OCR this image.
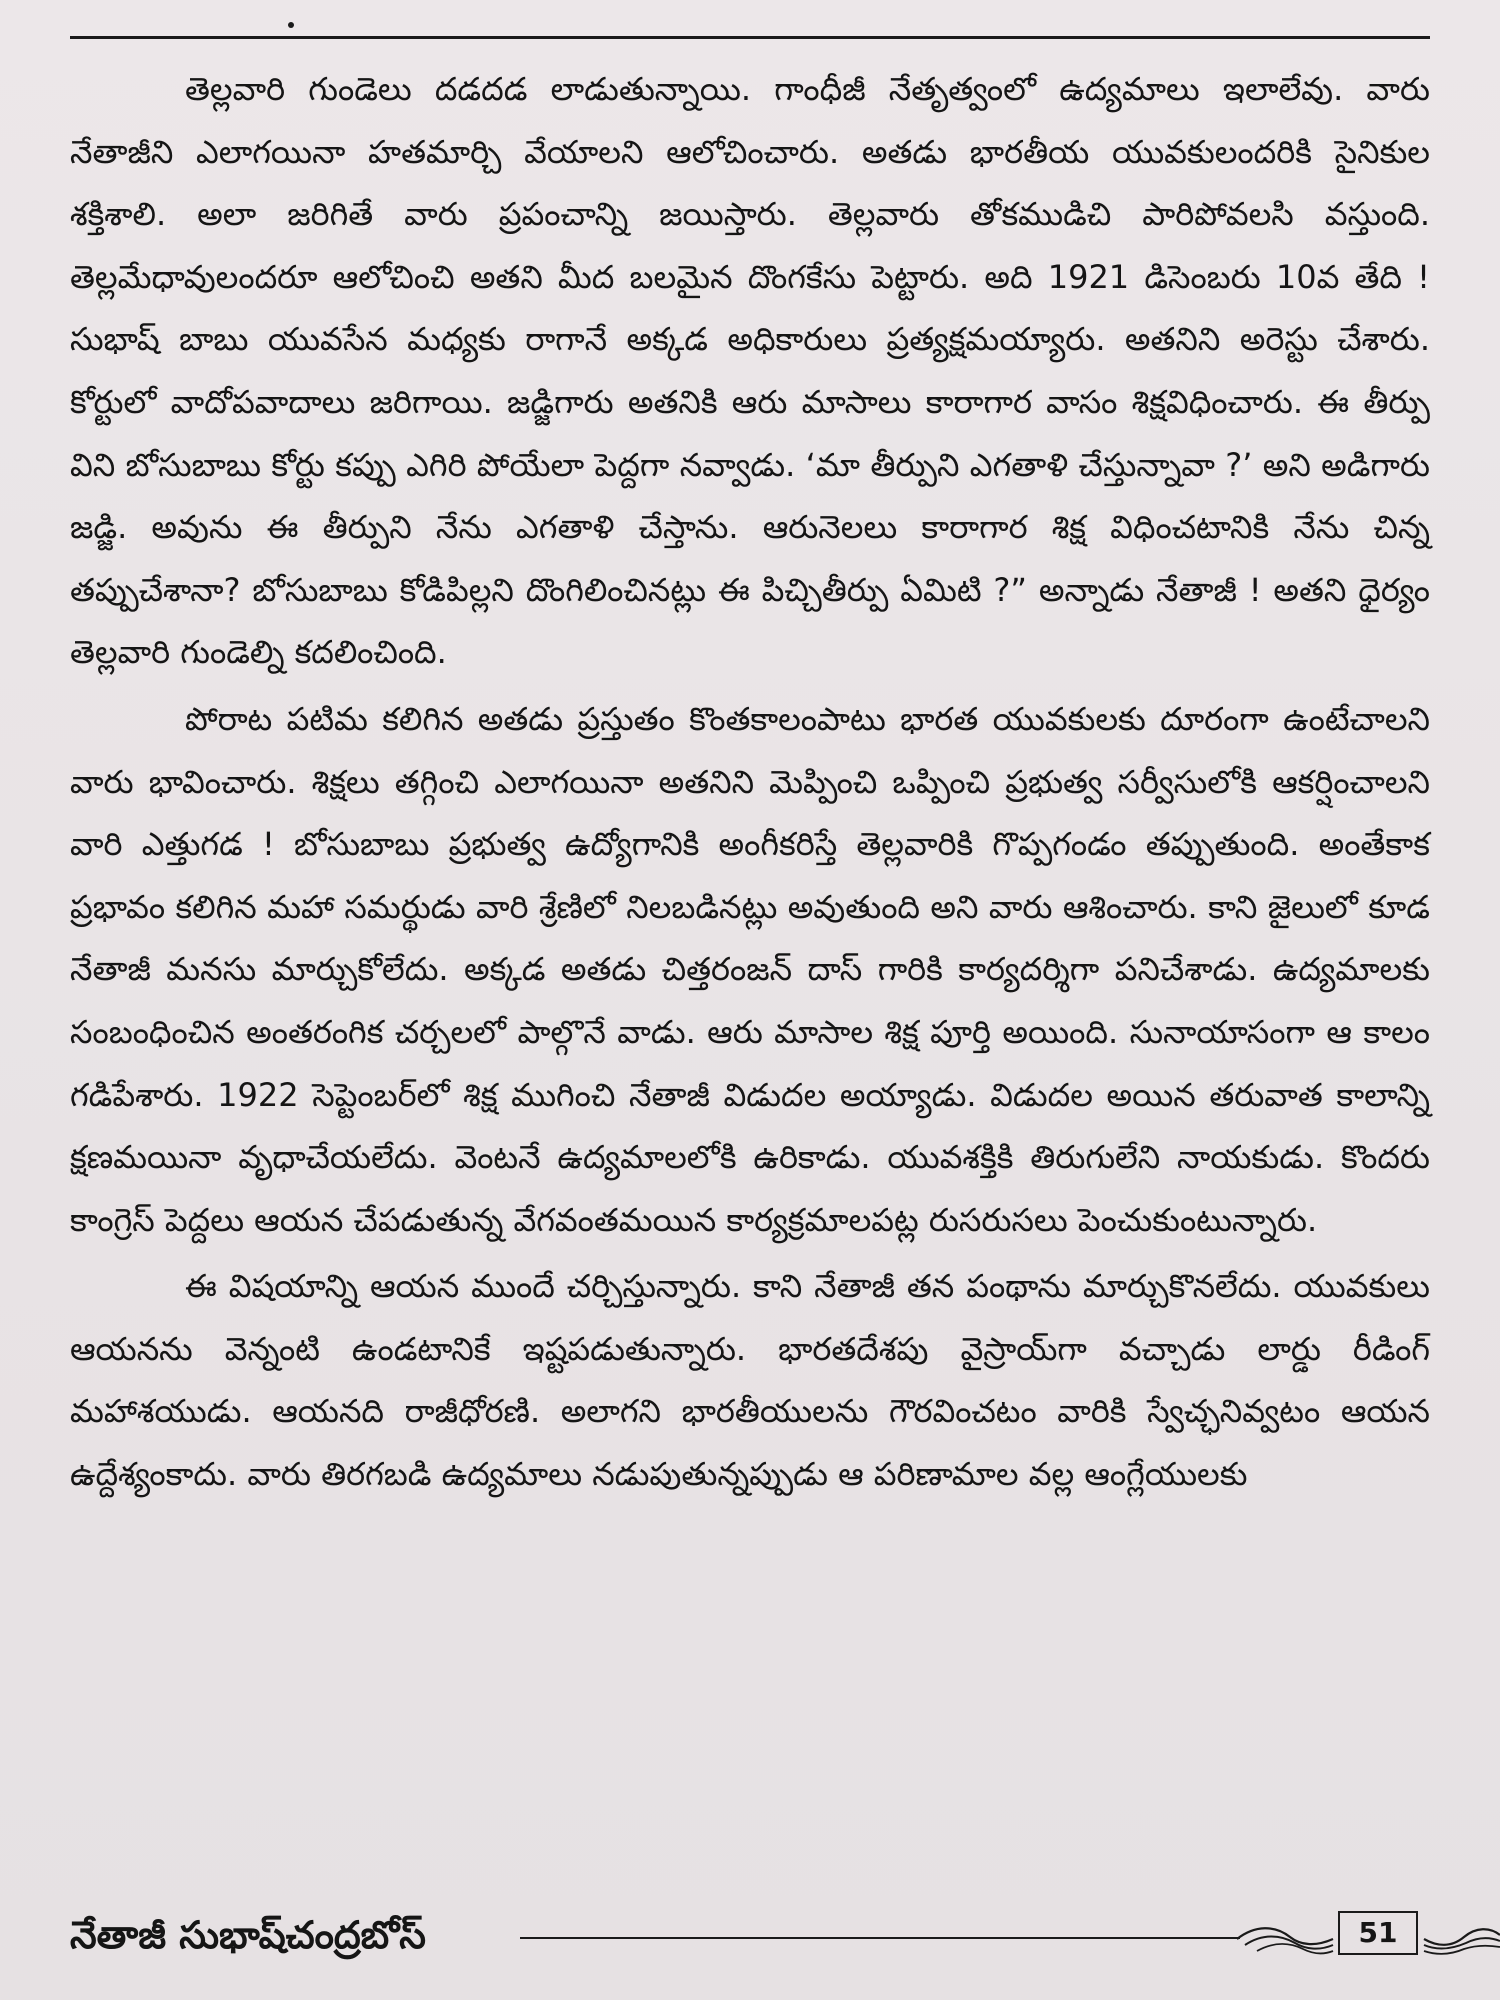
తెల్లవారి గుండెలు దడదడ లాడుతున్నాయి. గాంధీజీ నేతృత్వంలో ఉద్యమాలు ఇలాలేవు. వారు నేతాజీని ఎలాగయినా హతమార్చి వేయాలని ఆలోచించారు. అతడు భారతీయ యువకులందరికి సైనికుల శక్తిశాలి. అలా జరిగితే వారు ప్రపంచాన్ని జయిస్తారు. తెల్లవారు తోకముడిచి పారిపోవలసి వస్తుంది. తెల్లమేధావులందరూ ఆలోచించి అతని మీద బలమైన దొంగకేసు పెట్టారు. అది 1921 డిసెంబరు 10వ తేది ! సుభాష్ బాబు యువసేన మధ్యకు రాగానే అక్కడ అధికారులు ప్రత్యక్షమయ్యారు. అతనిని అరెస్టు చేశారు. కోర్టులో వాదోపవాదాలు జరిగాయి. జడ్జిగారు అతనికి ఆరు మాసాలు కారాగార వాసం శిక్షవిధించారు. ఈ తీర్పు విని బోసుబాబు కోర్టు కప్పు ఎగిరి పోయేలా పెద్దగా నవ్వాడు. ‘మా తీర్పుని ఎగతాళి చేస్తున్నావా ?’ అని అడిగారు జడ్జి. అవును ఈ తీర్పుని నేను ఎగతాళి చేస్తాను. ఆరునెలలు కారాగార శిక్ష విధించటానికి నేను చిన్న తప్పుచేశానా? బోసుబాబు కోడిపిల్లని దొంగిలించినట్లు ఈ పిచ్చితీర్పు ఏమిటి ?” అన్నాడు నేతాజీ ! అతని ధైర్యం తెల్లవారి గుండెల్ని కదలించింది.

పోరాట పటిమ కలిగిన అతడు ప్రస్తుతం కొంతకాలంపాటు భారత యువకులకు దూరంగా ఉంటేచాలని వారు భావించారు. శిక్షలు తగ్గించి ఎలాగయినా అతనిని మెప్పించి ఒప్పించి ప్రభుత్వ సర్వీసులోకి ఆకర్షించాలని వారి ఎత్తుగడ ! బోసుబాబు ప్రభుత్వ ఉద్యోగానికి అంగీకరిస్తే తెల్లవారికి గొప్పగండం తప్పుతుంది. అంతేకాక ప్రభావం కలిగిన మహా సమర్థుడు వారి శ్రేణిలో నిలబడినట్లు అవుతుంది అని వారు ఆశించారు. కాని జైలులో కూడ నేతాజీ మనసు మార్చుకోలేదు. అక్కడ అతడు చిత్తరంజన్ దాస్ గారికి కార్యదర్శిగా పనిచేశాడు. ఉద్యమాలకు సంబంధించిన అంతరంగిక చర్చలలో పాల్గొనే వాడు. ఆరు మాసాల శిక్ష పూర్తి అయింది. సునాయాసంగా ఆ కాలం గడిపేశారు. 1922 సెప్టెంబర్‌లో శిక్ష ముగించి నేతాజీ విడుదల అయ్యాడు. విడుదల అయిన తరువాత కాలాన్ని క్షణమయినా వృధాచేయలేదు. వెంటనే ఉద్యమాలలోకి ఉరికాడు. యువశక్తికి తిరుగులేని నాయకుడు. కొందరు కాంగ్రెస్ పెద్దలు ఆయన చేపడుతున్న వేగవంతమయిన కార్యక్రమాలపట్ల రుసరుసలు పెంచుకుంటున్నారు.

ఈ విషయాన్ని ఆయన ముందే చర్చిస్తున్నారు. కాని నేతాజీ తన పంథాను మార్చుకొనలేదు. యువకులు ఆయనను వెన్నంటి ఉండటానికే ఇష్టపడుతున్నారు. భారతదేశపు వైస్రాయ్‌గా వచ్చాడు లార్డు రీడింగ్ మహాశయుడు. ఆయనది రాజీధోరణి. అలాగని భారతీయులను గౌరవించటం వారికి స్వేచ్ఛనివ్వటం ఆయన ఉద్దేశ్యంకాదు. వారు తిరగబడి ఉద్యమాలు నడుపుతున్నప్పుడు ఆ పరిణామాల వల్ల ఆంగ్లేయులకు

నేతాజీ సుభాష్‌చంద్రబోస్	51
